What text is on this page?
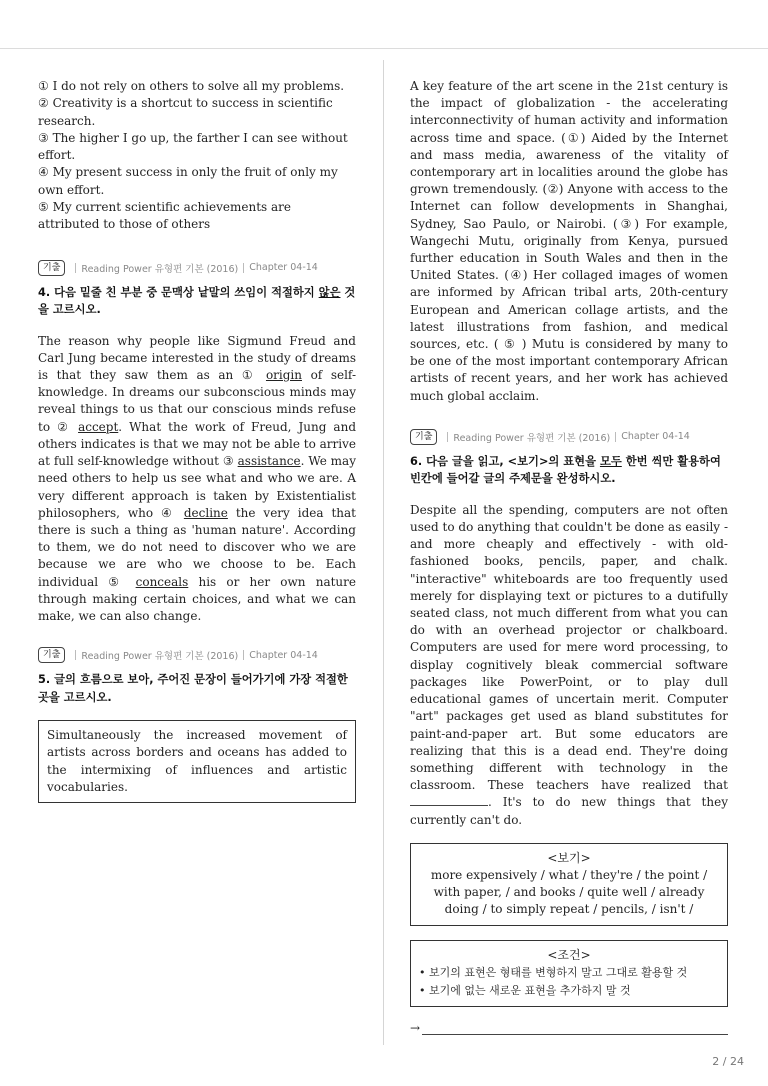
① I do not rely on others to solve all my problems.

② Creativity is a shortcut to success in scientific research.

③ The higher I go up, the farther I can see without effort.

④ My present success in only the fruit of only my own effort.

⑤ My current scientific achievements are attributed to those of others

기출	Reading Power 유형편 기본 (2016) Chapter 04-14

4. 다음 밑줄 친 부분 중 문맥상 낱말의 쓰임이 적절하지 않은 것을 고르시오.

The reason why people like Sigmund Freud and Carl Jung became interested in the study of dreams is that they saw them as an ① origin of self-knowledge. In dreams our subconscious minds may reveal things to us that our conscious minds refuse to ② accept. What the work of Freud, Jung and others indicates is that we may not be able to arrive at full self-knowledge without ③ assistance. We may need others to help us see what and who we are. A very different approach is taken by Existentialist philosophers, who ④ decline the very idea that there is such a thing as 'human nature'. According to them, we do not need to discover who we are because we are who we choose to be. Each individual ⑤ conceals his or her own nature through making certain choices, and what we can make, we can also change.

기출	Reading Power 유형편 기본 (2016) Chapter 04-14

5. 글의 흐름으로 보아, 주어진 문장이 들어가기에 가장 적절한 곳을 고르시오.

Simultaneously the increased movement of artists across borders and oceans has added to the intermixing of influences and artistic vocabularies.

A key feature of the art scene in the 21st century is the impact of globalization - the accelerating interconnectivity of human activity and information across time and space. (①) Aided by the Internet and mass media, awareness of the vitality of contemporary art in localities around the globe has grown tremendously. (②) Anyone with access to the Internet can follow developments in Shanghai, Sydney, Sao Paulo, or Nairobi. (③) For example, Wangechi Mutu, originally from Kenya, pursued further education in South Wales and then in the United States. (④) Her collaged images of women are informed by African tribal arts, 20th-century European and American collage artists, and the latest illustrations from fashion, and medical sources, etc. ( ⑤ ) Mutu is considered by many to be one of the most important contemporary African artists of recent years, and her work has achieved much global acclaim.

기출	Reading Power 유형편 기본 (2016) Chapter 04-14

6. 다음 글을 읽고, <보기>의 표현을 모두 한번 씩만 활용하여 빈칸에 들어갈 글의 주제문을 완성하시오.

Despite all the spending, computers are not often used to do anything that couldn't be done as easily - and more cheaply and effectively - with old-fashioned books, pencils, paper, and chalk. "interactive" whiteboards are too frequently used merely for displaying text or pictures to a dutifully seated class, not much different from what you can do with an overhead projector or chalkboard. Computers are used for mere word processing, to display cognitively bleak commercial software packages like PowerPoint, or to play dull educational games of uncertain merit. Computer "art" packages get used as bland substitutes for paint-and-paper art. But some educators are realizing that this is a dead end. They're doing something different with technology in the classroom. These teachers have realized that . It's to do new things that they currently can't do.

<보기>
more expensively / what / they're / the point / with paper, / and books / quite well / already doing / to simply repeat / pencils, / isn't /
<조건>
• 보기의 표현은 형태를 변형하지 말고 그대로 활용할 것
• 보기에 없는 새로운 표현을 추가하지 말 것
→
2 / 24
